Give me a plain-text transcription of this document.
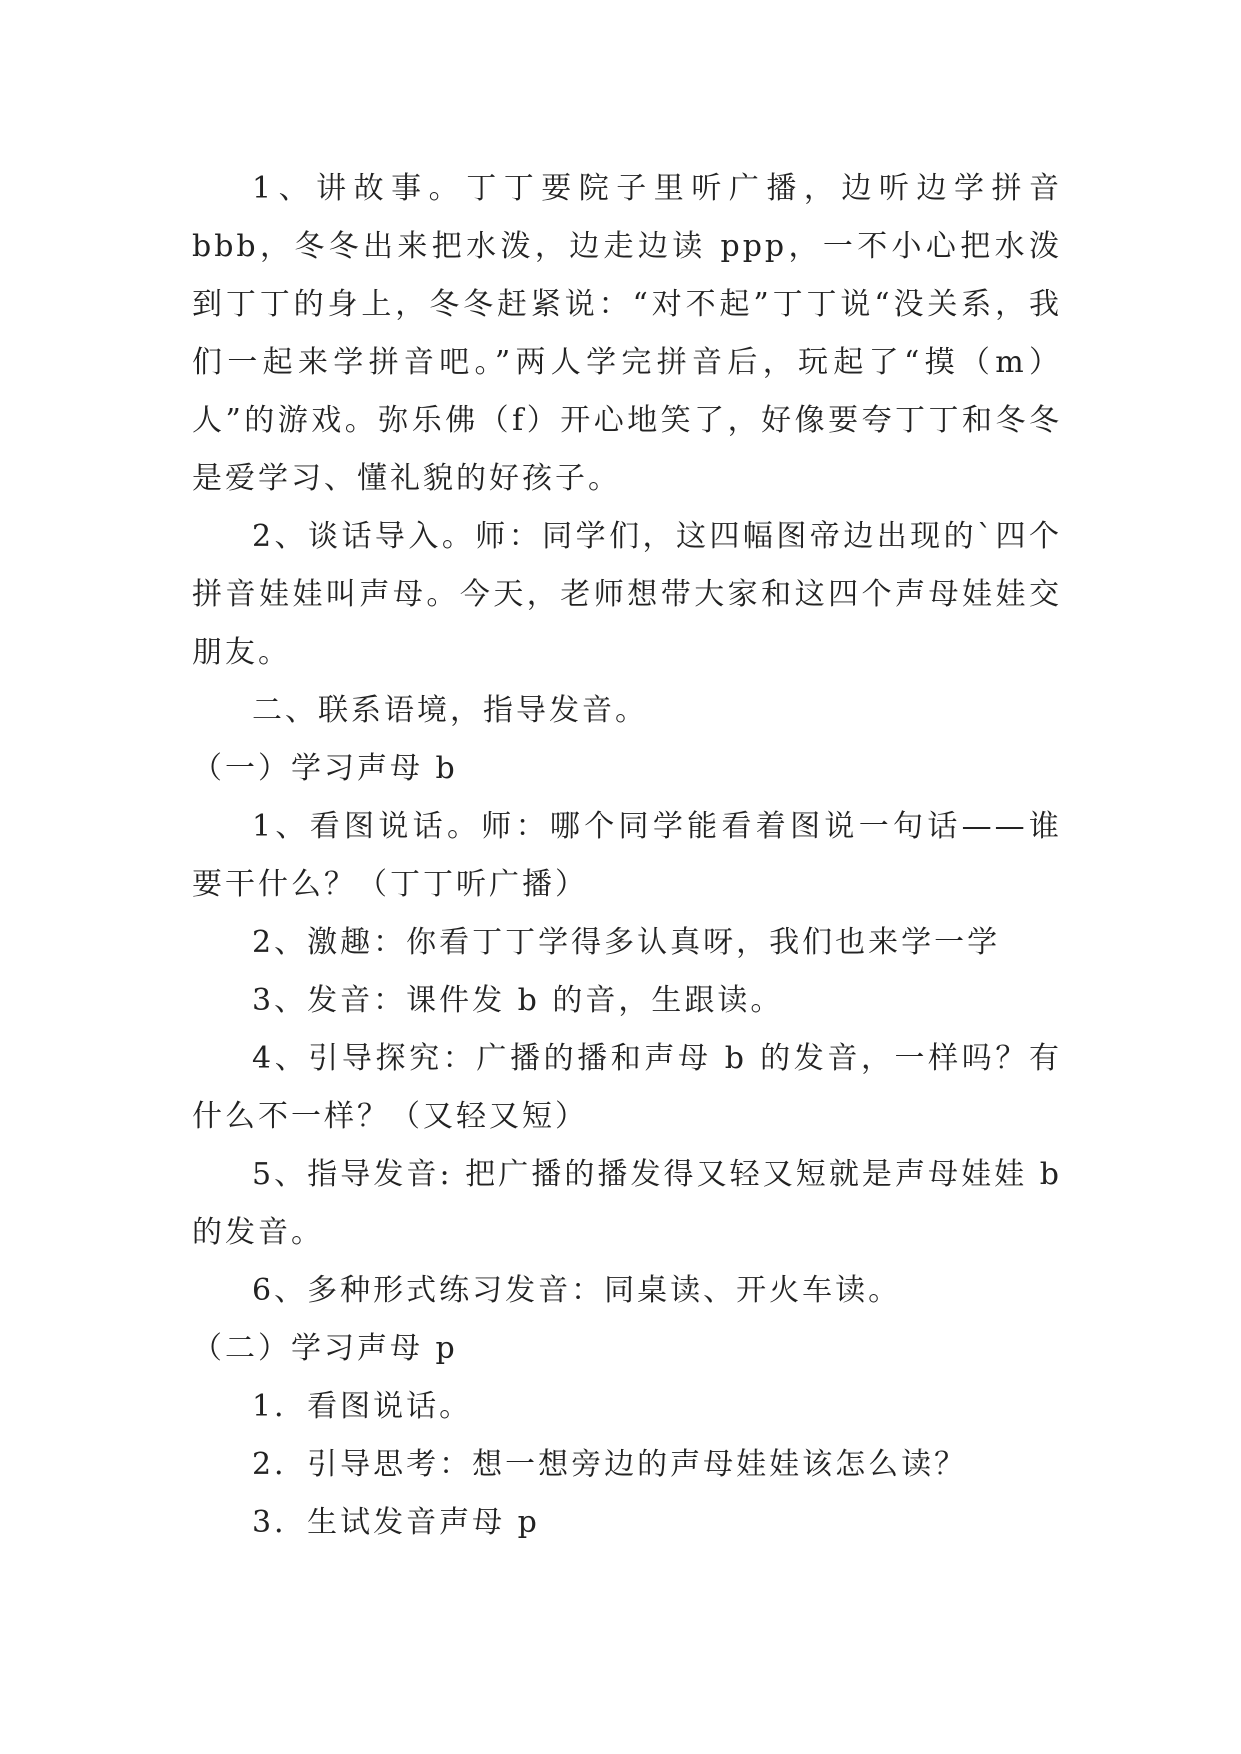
1、讲故事。丁丁要院子里听广播，边听边学拼音 bbb，冬冬出来把水泼，边走边读 ppp，一不小心把水泼到丁丁的身上，冬冬赶紧说：“对不起”丁丁说“没关系，我们一起来学拼音吧。”两人学完拼音后，玩起了“摸（m）人”的游戏。弥乐佛（f）开心地笑了，好像要夸丁丁和冬冬是爱学习、懂礼貌的好孩子。

2、谈话导入。师：同学们，这四幅图帝边出现的`四个拼音娃娃叫声母。今天，老师想带大家和这四个声母娃娃交朋友。

二、联系语境，指导发音。

（一）学习声母 b

1、看图说话。师：哪个同学能看着图说一句话——谁要干什么？（丁丁听广播）

2、激趣：你看丁丁学得多认真呀，我们也来学一学

3、发音：课件发 b 的音，生跟读。

4、引导探究：广播的播和声母 b 的发音，一样吗？有什么不一样？（又轻又短）

5、指导发音: 把广播的播发得又轻又短就是声母娃娃 b 的发音。

6、多种形式练习发音：同桌读、开火车读。

（二）学习声母 p

1．看图说话。

2．引导思考：想一想旁边的声母娃娃该怎么读？

3．生试发音声母 p
